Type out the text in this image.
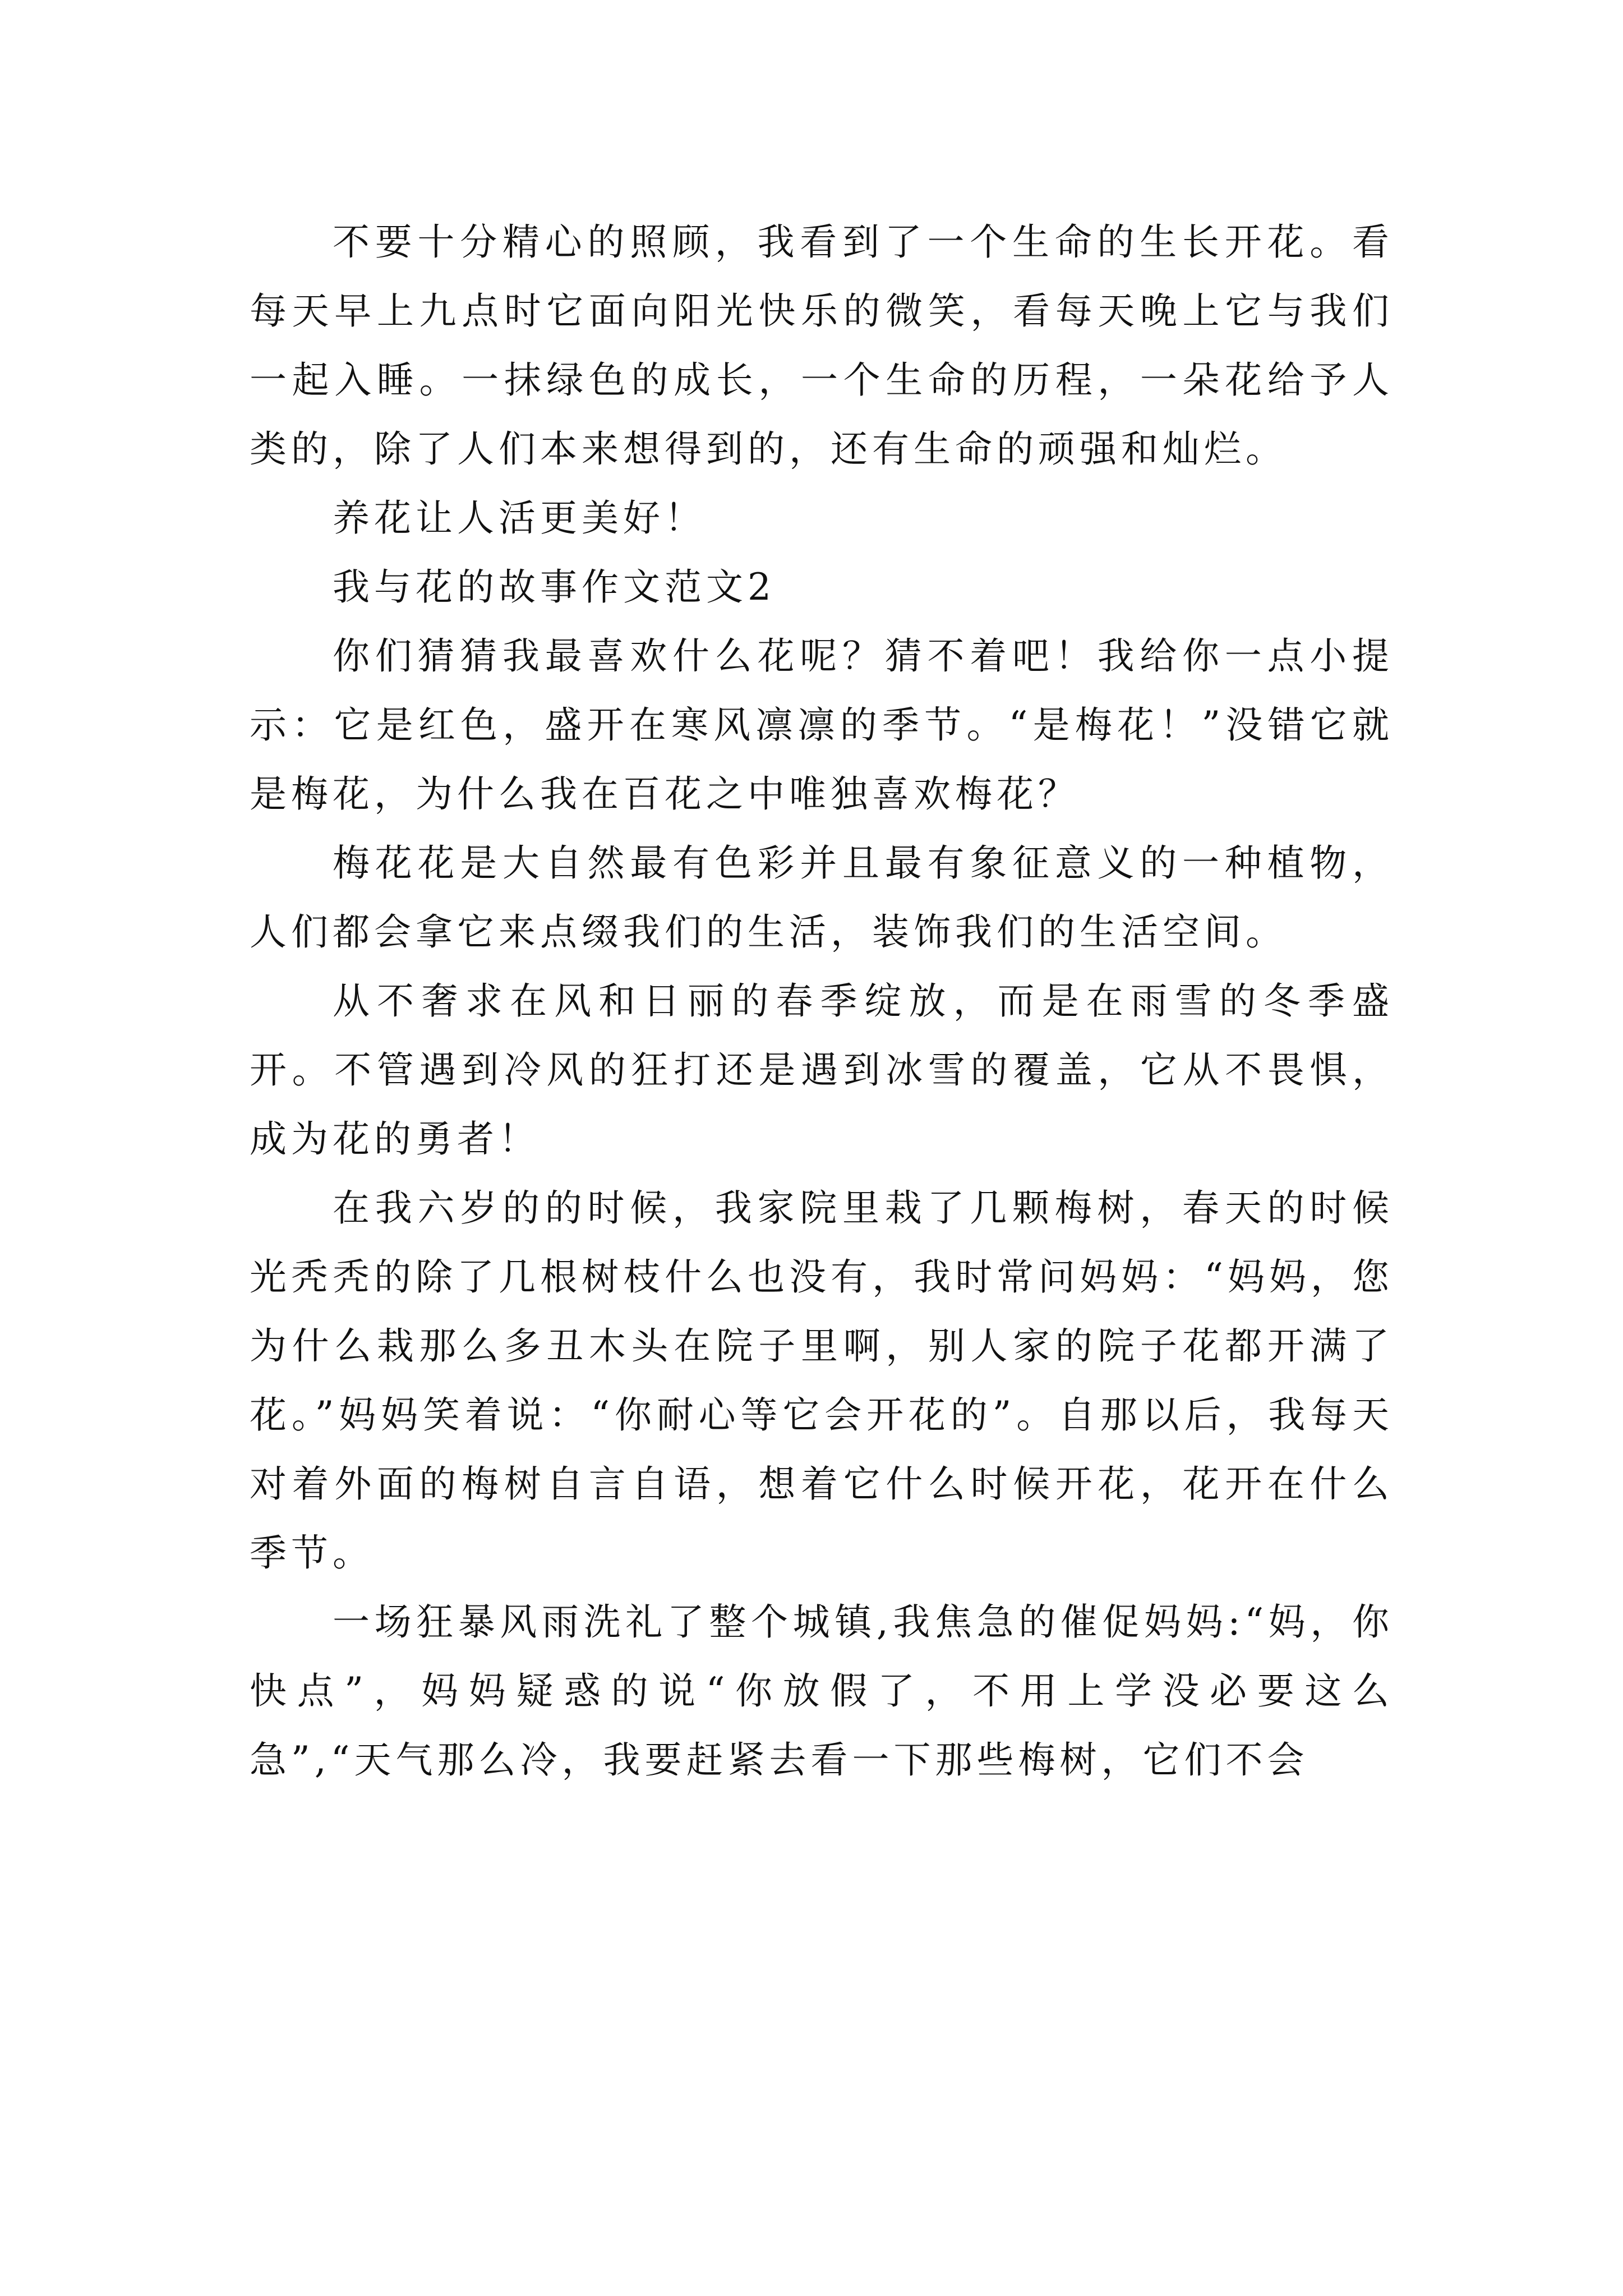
不要十分精心的照顾，我看到了一个生命的生长开花。看每天早上九点时它面向阳光快乐的微笑，看每天晚上它与我们一起入睡。一抹绿色的成长，一个生命的历程，一朵花给予人类的，除了人们本来想得到的，还有生命的顽强和灿烂。

养花让人活更美好！

我与花的故事作文范文2

你们猜猜我最喜欢什么花呢？猜不着吧！我给你一点小提示：它是红色，盛开在寒风凛凛的季节。“是梅花！”没错它就是梅花，为什么我在百花之中唯独喜欢梅花？

梅花花是大自然最有色彩并且最有象征意义的一种植物，人们都会拿它来点缀我们的生活，装饰我们的生活空间。

从不奢求在风和日丽的春季绽放，而是在雨雪的冬季盛开。不管遇到冷风的狂打还是遇到冰雪的覆盖，它从不畏惧，成为花的勇者！

在我六岁的的时候，我家院里栽了几颗梅树，春天的时候光秃秃的除了几根树枝什么也没有，我时常问妈妈：“妈妈，您为什么栽那么多丑木头在院子里啊，别人家的院子花都开满了花。”妈妈笑着说：“你耐心等它会开花的”。自那以后，我每天对着外面的梅树自言自语，想着它什么时候开花，花开在什么季节。

一场狂暴风雨洗礼了整个城镇,我焦急的催促妈妈:“妈，你快点”，妈妈疑惑的说“你放假了，不用上学没必要这么急”,“天气那么冷，我要赶紧去看一下那些梅树，它们不会
